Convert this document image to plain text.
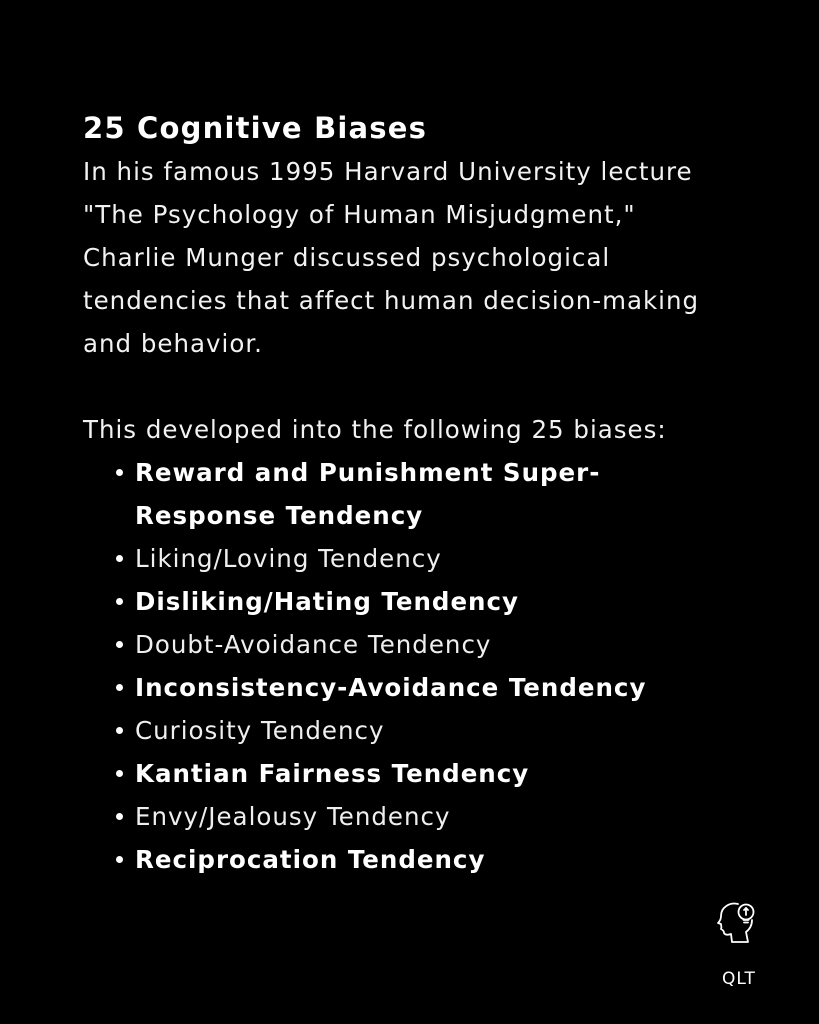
25 Cognitive Biases

In his famous 1995 Harvard University lecture
"The Psychology of Human Misjudgment,"
Charlie Munger discussed psychological
tendencies that affect human decision-making
and behavior.

This developed into the following 25 biases:

Reward and Punishment Super-
Response Tendency
Liking/Loving Tendency
Disliking/Hating Tendency
Doubt-Avoidance Tendency
Inconsistency-Avoidance Tendency
Curiosity Tendency
Kantian Fairness Tendency
Envy/Jealousy Tendency
Reciprocation Tendency
QLT
